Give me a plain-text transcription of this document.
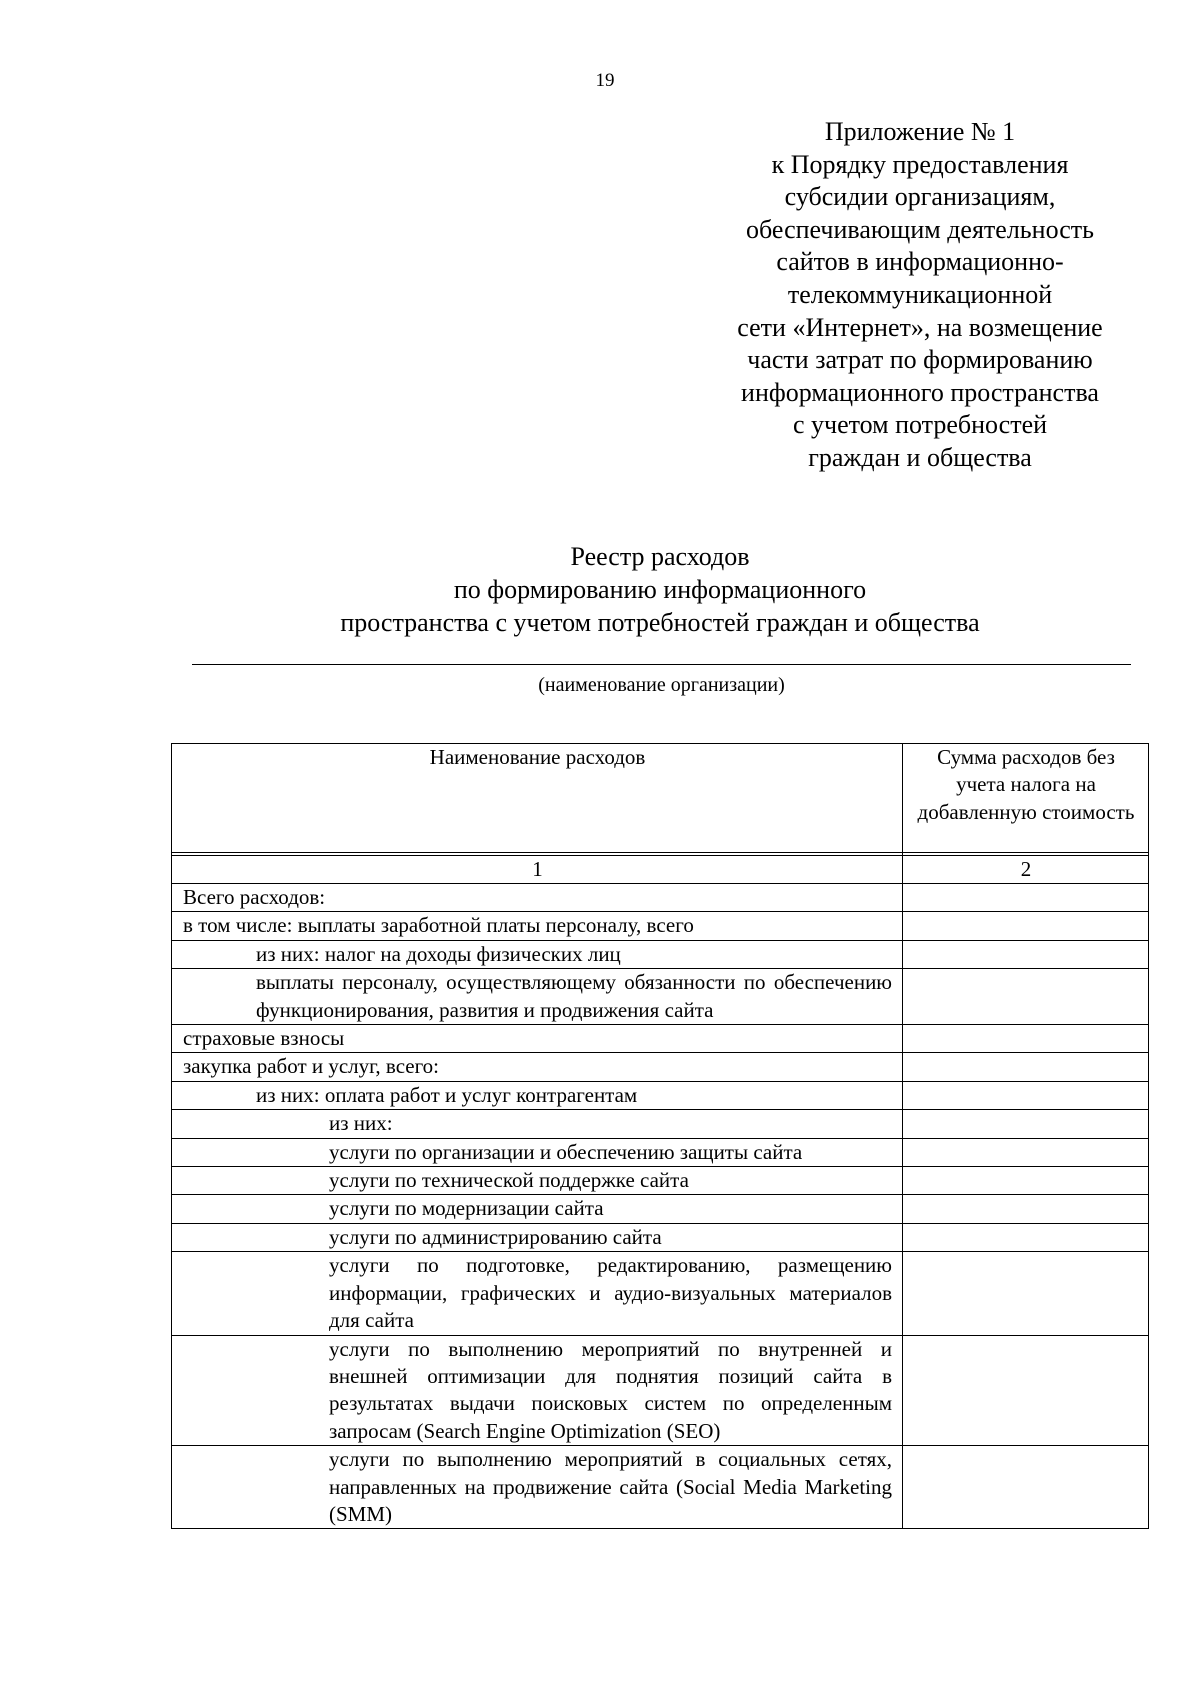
19
Приложение № 1
к Порядку предоставления
субсидии организациям,
обеспечивающим деятельность
сайтов в информационно-
телекоммуникационной
сети «Интернет», на возмещение
части затрат по формированию
информационного пространства
с учетом потребностей
граждан и общества
Реестр расходов
по формированию информационного
пространства с учетом потребностей граждан и общества
(наименование организации)
Наименование расходов	Сумма расходов без учета налога на добавленную стоимость

1	2
Всего расходов:	
в том числе: выплаты заработной платы персоналу, всего	
из них: налог на доходы физических лиц	
выплаты персоналу, осуществляющему обязанности по обеспечению функционирования, развития и продвижения сайта	
страховые взносы	
закупка работ и услуг, всего:	
из них: оплата работ и услуг контрагентам	
из них:	
услуги по организации и обеспечению защиты сайта	
услуги по технической поддержке сайта	
услуги по модернизации сайта	
услуги по администрированию сайта	
услуги по подготовке, редактированию, размещению информации, графических и аудио-визуальных материалов для сайта	
услуги по выполнению мероприятий по внутренней и внешней оптимизации для поднятия позиций сайта в результатах выдачи поисковых систем по определенным запросам (Search Engine Optimization (SEO)	
услуги по выполнению мероприятий в социальных сетях, направленных на продвижение сайта (Social Media Marketing (SMM)	
